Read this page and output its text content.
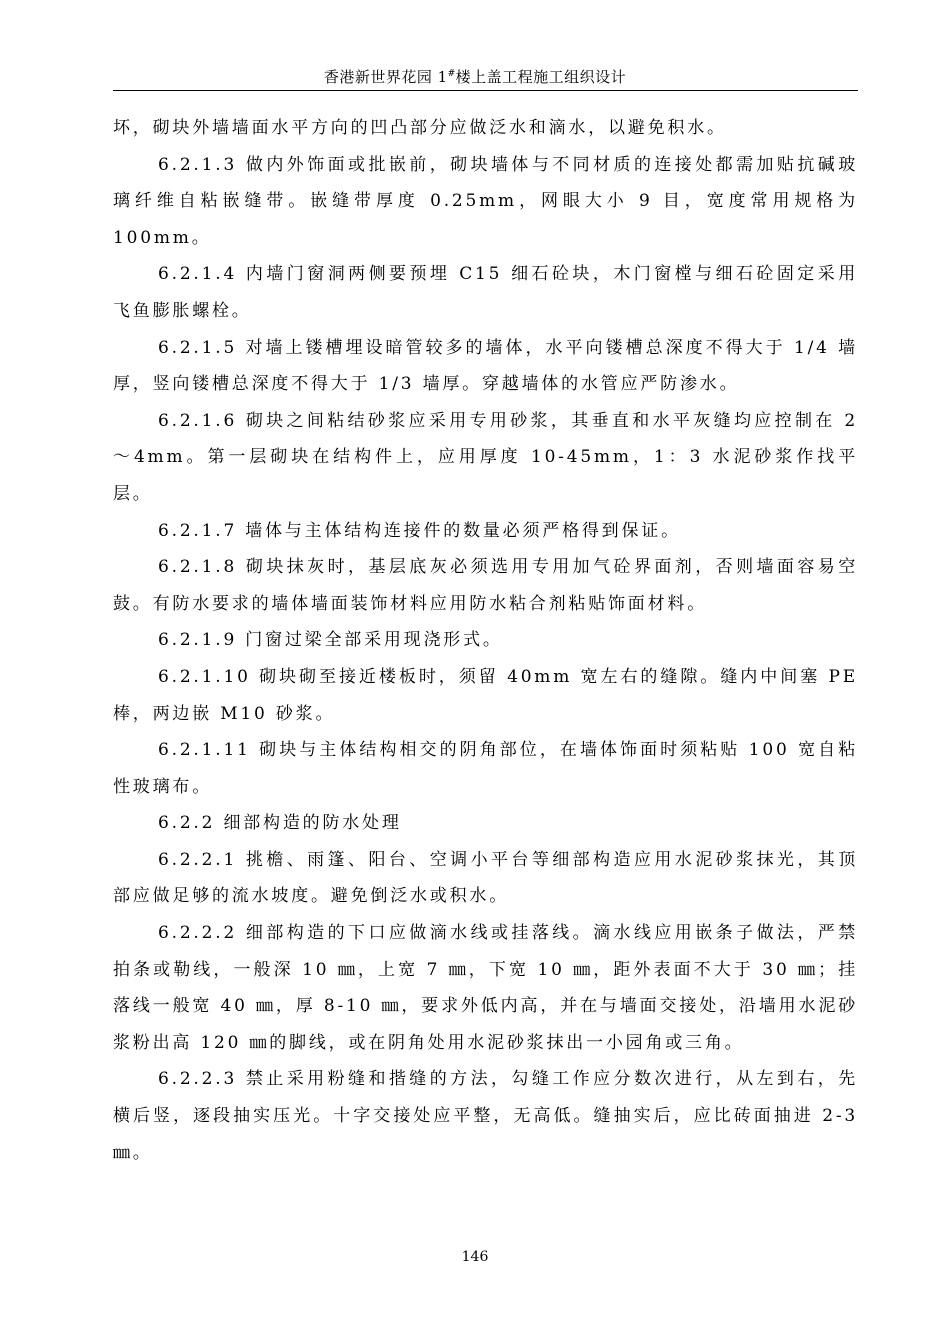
香港新世界花园 1#楼上盖工程施工组织设计

坏，砌块外墙墙面水平方向的凹凸部分应做泛水和滴水，以避免积水。

6.2.1.3 做内外饰面或批嵌前，砌块墙体与不同材质的连接处都需加贴抗碱玻璃纤维自粘嵌缝带。嵌缝带厚度 0.25mm，网眼大小 9 目，宽度常用规格为 100mm。

6.2.1.4 内墙门窗洞两侧要预埋 C15 细石砼块，木门窗樘与细石砼固定采用飞鱼膨胀螺栓。

6.2.1.5 对墙上镂槽埋设暗管较多的墙体，水平向镂槽总深度不得大于 1/4 墙厚，竖向镂槽总深度不得大于 1/3 墙厚。穿越墙体的水管应严防渗水。

6.2.1.6 砌块之间粘结砂浆应采用专用砂浆，其垂直和水平灰缝均应控制在 2～4mm。第一层砌块在结构件上，应用厚度 10-45mm，1：3 水泥砂浆作找平层。

6.2.1.7 墙体与主体结构连接件的数量必须严格得到保证。

6.2.1.8 砌块抹灰时，基层底灰必须选用专用加气砼界面剂，否则墙面容易空鼓。有防水要求的墙体墙面装饰材料应用防水粘合剂粘贴饰面材料。

6.2.1.9 门窗过梁全部采用现浇形式。

6.2.1.10 砌块砌至接近楼板时，须留 40mm 宽左右的缝隙。缝内中间塞 PE 棒，两边嵌 M10 砂浆。

6.2.1.11 砌块与主体结构相交的阴角部位，在墙体饰面时须粘贴 100 宽自粘性玻璃布。

6.2.2 细部构造的防水处理

6.2.2.1 挑檐、雨篷、阳台、空调小平台等细部构造应用水泥砂浆抹光，其顶部应做足够的流水坡度。避免倒泛水或积水。

6.2.2.2 细部构造的下口应做滴水线或挂落线。滴水线应用嵌条子做法，严禁拍条或勒线，一般深 10 ㎜，上宽 7 ㎜，下宽 10 ㎜，距外表面不大于 30 ㎜；挂落线一般宽 40 ㎜，厚 8-10 ㎜，要求外低内高，并在与墙面交接处，沿墙用水泥砂浆粉出高 120 ㎜的脚线，或在阴角处用水泥砂浆抹出一小园角或三角。

6.2.2.3 禁止采用粉缝和揩缝的方法，勾缝工作应分数次进行，从左到右，先横后竖，逐段抽实压光。十字交接处应平整，无高低。缝抽实后，应比砖面抽进 2-3 ㎜。

146
